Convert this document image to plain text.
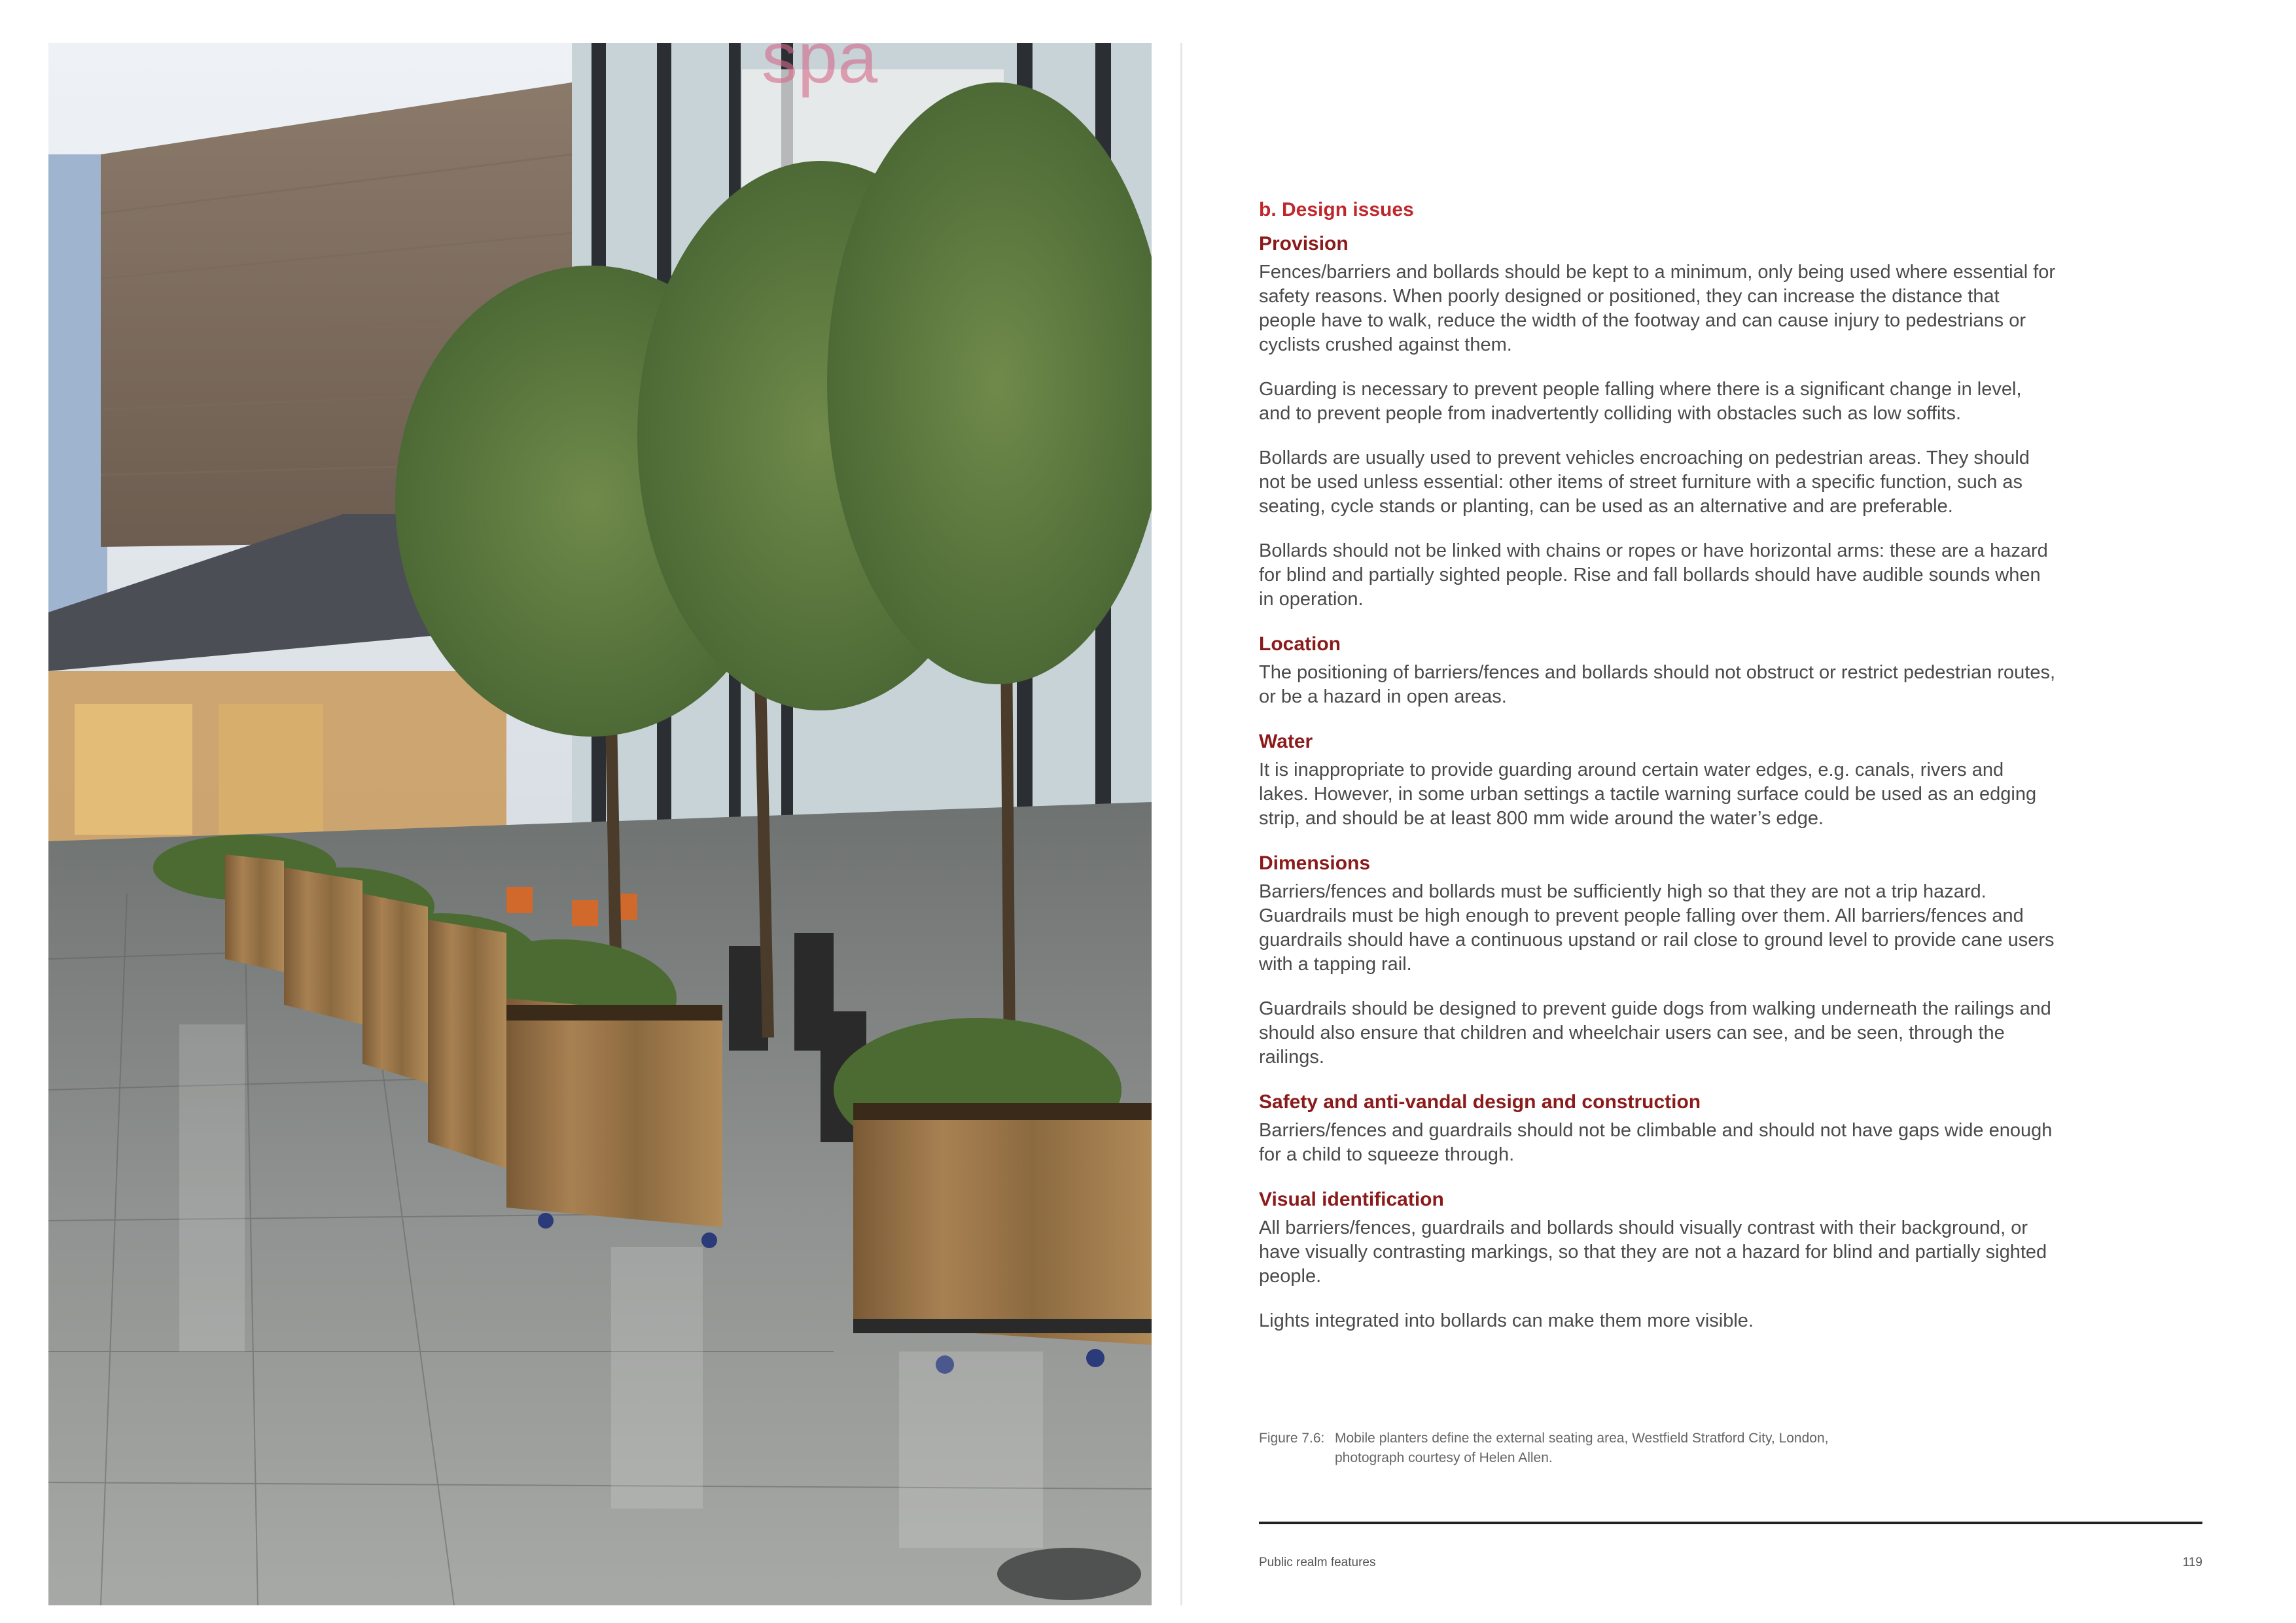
spa
b. Design issues
Provision

Fences/barriers and bollards should be kept to a minimum, only being used where essential for safety reasons. When poorly designed or positioned, they can increase the distance that people have to walk, reduce the width of the footway and can cause injury to pedestrians or cyclists crushed against them.

Guarding is necessary to prevent people falling where there is a significant change in level, and to prevent people from inadvertently colliding with obstacles such as low soffits.

Bollards are usually used to prevent vehicles encroaching on pedestrian areas. They should not be used unless essential: other items of street furniture with a specific function, such as seating, cycle stands or planting, can be used as an alternative and are preferable.

Bollards should not be linked with chains or ropes or have horizontal arms: these are a hazard for blind and partially sighted people. Rise and fall bollards should have audible sounds when in operation.

Location

The positioning of barriers/fences and bollards should not obstruct or restrict pedestrian routes, or be a hazard in open areas.

Water

It is inappropriate to provide guarding around certain water edges, e.g. canals, rivers and lakes. However, in some urban settings a tactile warning surface could be used as an edging strip, and should be at least 800 mm wide around the water’s edge.

Dimensions

Barriers/fences and bollards must be sufficiently high so that they are not a trip hazard. Guardrails must be high enough to prevent people falling over them. All barriers/fences and guardrails should have a continuous upstand or rail close to ground level to provide cane users with a tapping rail.

Guardrails should be designed to prevent guide dogs from walking underneath the railings and should also ensure that children and wheelchair users can see, and be seen, through the railings.

Safety and anti-vandal design and construction

Barriers/fences and guardrails should not be climbable and should not have gaps wide enough for a child to squeeze through.

Visual identification

All barriers/fences, guardrails and bollards should visually contrast with their background, or have visually contrasting markings, so that they are not a hazard for blind and partially sighted people.

Lights integrated into bollards can make them more visible.

Figure 7.6: Mobile planters define the external seating area, Westfield Stratford City, London,
photograph courtesy of Helen Allen.
Public realm features	119
